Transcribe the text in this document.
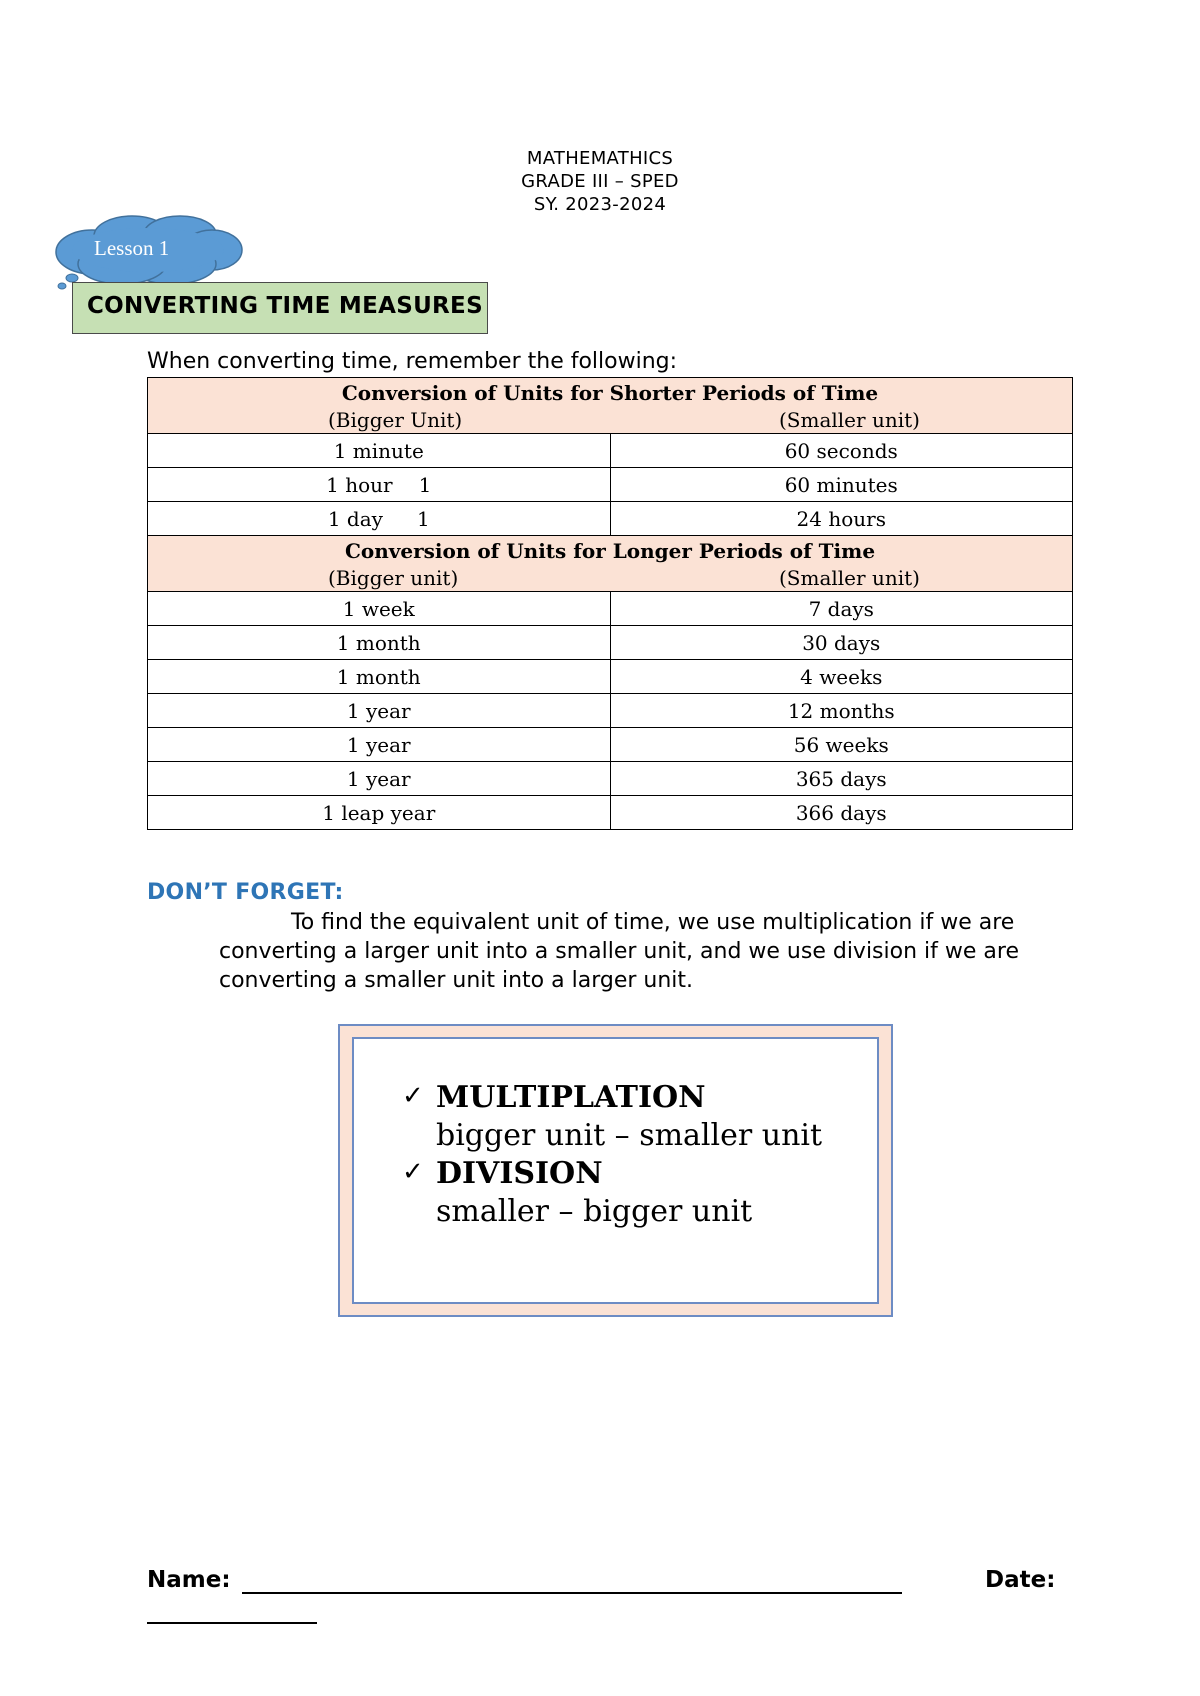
MATHEMATHICS
GRADE III – SPED
SY. 2023-2024
Lesson 1
CONVERTING TIME MEASURES
When converting time, remember the following:
Conversion of Units for Shorter Periods of Time
(Bigger Unit) (Smaller unit)	

1 minute	60 seconds
1 hour 1	60 minutes
1 day 1	24 hours

Conversion of Units for Longer Periods of Time
(Bigger unit) (Smaller unit)	

1 week	7 days
1 month	30 days
1 month	4 weeks
1 year	12 months
1 year	56 weeks
1 year	365 days
1 leap year	366 days
DON’T FORGET:
To find the equivalent unit of time, we use multiplication if we are converting a larger unit into a smaller unit, and we use division if we are converting a smaller unit into a larger unit.
✓ MULTIPLATION
bigger unit – smaller unit
✓ DIVISION
smaller – bigger unit
Name:	Date:
